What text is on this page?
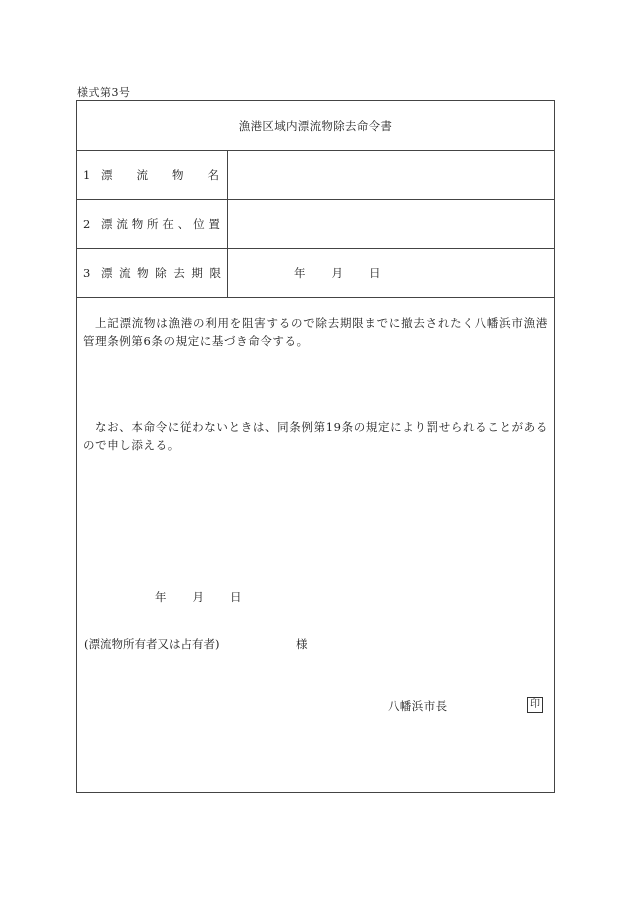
様式第3号
漁港区域内漂流物除去命令書
1 漂 流 物 名
2 漂 流 物 所 在 、 位 置
3 漂 流 物 除 去 期 限	年 月 日
上記漂流物は漁港の利用を阻害するので除去期限までに撤去されたく八幡浜市漁港管理条例第6条の規定に基づき命令する。
なお、本命令に従わないときは、同条例第19条の規定により罰せられることがあるので申し添える。
年 月 日
(漂流物所有者又は占有者)	様
八幡浜市長	印
